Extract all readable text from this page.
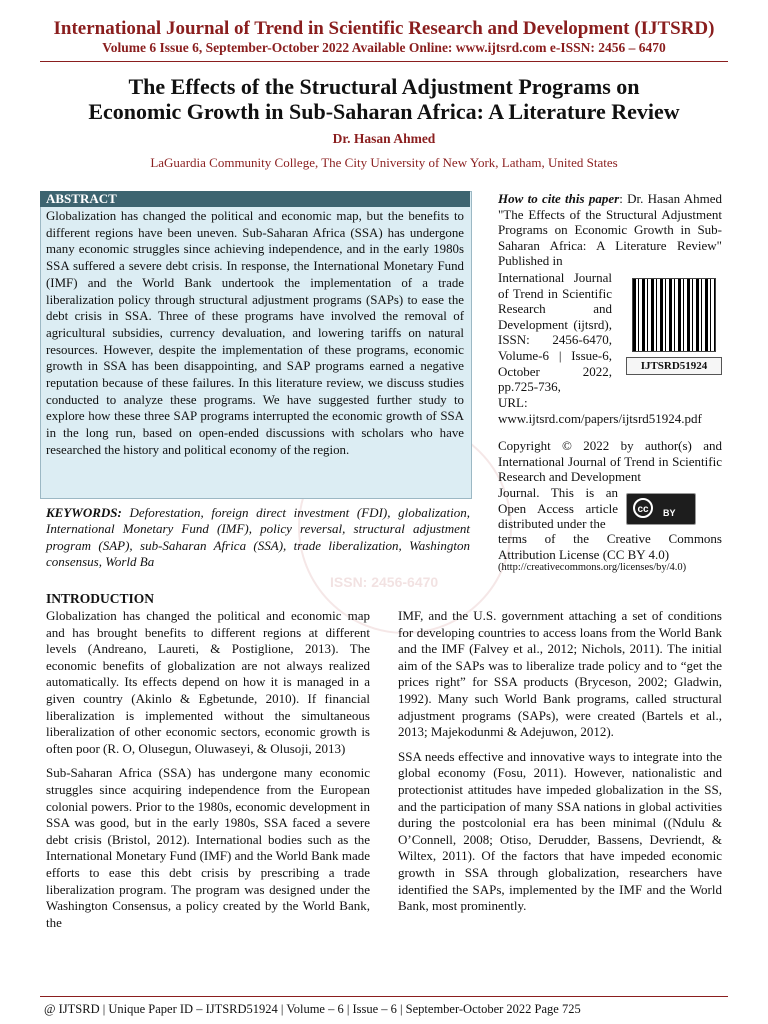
International Journal of Trend in Scientific Research and Development (IJTSRD)
Volume 6 Issue 6, September-October 2022 Available Online: www.ijtsrd.com e-ISSN: 2456 – 6470
The Effects of the Structural Adjustment Programs on
Economic Growth in Sub-Saharan Africa: A Literature Review
Dr. Hasan Ahmed
LaGuardia Community College, The City University of New York, Latham, United States
ISSN: 2456-6470
ABSTRACT
Globalization has changed the political and economic map, but the benefits to different regions have been uneven. Sub-Saharan Africa (SSA) has undergone many economic struggles since achieving independence, and in the early 1980s SSA suffered a severe debt crisis. In response, the International Monetary Fund (IMF) and the World Bank undertook the implementation of a trade liberalization policy through structural adjustment programs (SAPs) to ease the debt crisis in SSA. Three of these programs have involved the removal of agricultural subsidies, currency devaluation, and lowering tariffs on natural resources. However, despite the implementation of these programs, economic growth in SSA has been disappointing, and SAP programs earned a negative reputation because of these failures. In this literature review, we discuss studies conducted to analyze these programs. We have suggested further study to explore how these three SAP programs interrupted the economic growth of SSA in the long run, based on open-ended discussions with scholars who have researched the history and political economy of the region.
KEYWORDS: Deforestation, foreign direct investment (FDI), globalization, International Monetary Fund (IMF), policy reversal, structural adjustment program (SAP), sub-Saharan Africa (SSA), trade liberalization, Washington consensus, World Ba
How to cite this paper: Dr. Hasan Ahmed "The Effects of the Structural Adjustment Programs on Economic Growth in Sub-Saharan Africa: A Literature Review" Published in
International Journal of Trend in Scientific Research and Development (ijtsrd), ISSN: 2456-6470, Volume-6 | Issue-6, October 2022, pp.725-736,
IJTSRD51924
URL: www.ijtsrd.com/papers/ijtsrd51924.pdf
Copyright © 2022 by author(s) and International Journal of Trend in Scientific Research and Development
Journal. This is an Open Access article distributed under the
cc	BY
terms of the Creative Commons Attribution License (CC BY 4.0)
(http://creativecommons.org/licenses/by/4.0)
INTRODUCTION

Globalization has changed the political and economic map and has brought benefits to different regions at different levels (Andreano, Laureti, & Postiglione, 2013). The economic benefits of globalization are not always realized automatically. Its effects depend on how it is managed in a given country (Akinlo & Egbetunde, 2010). If financial liberalization is implemented without the simultaneous liberalization of other economic sectors, economic growth is often poor (R. O, Olusegun, Oluwaseyi, & Olusoji, 2013)

Sub-Saharan Africa (SSA) has undergone many economic struggles since acquiring independence from the European colonial powers. Prior to the 1980s, economic development in SSA was good, but in the early 1980s, SSA faced a severe debt crisis (Bristol, 2012). International bodies such as the International Monetary Fund (IMF) and the World Bank made efforts to ease this debt crisis by prescribing a trade liberalization program. The program was designed under the Washington Consensus, a policy created by the World Bank, the

IMF, and the U.S. government attaching a set of conditions for developing countries to access loans from the World Bank and the IMF (Falvey et al., 2012; Nichols, 2011). The initial aim of the SAPs was to liberalize trade policy and to “get the prices right” for SSA products (Bryceson, 2002; Gladwin, 1992). Many such World Bank programs, called structural adjustment programs (SAPs), were created (Bartels et al., 2013; Majekodunmi & Adejuwon, 2012).

SSA needs effective and innovative ways to integrate into the global economy (Fosu, 2011). However, nationalistic and protectionist attitudes have impeded globalization in the SS, and the participation of many SSA nations in global activities during the postcolonial era has been minimal ((Ndulu & O’Connell, 2008; Otiso, Derudder, Bassens, Devriendt, & Wiltex, 2011). Of the factors that have impeded economic growth in SSA through globalization, researchers have identified the SAPs, implemented by the IMF and the World Bank, most prominently.

@ IJTSRD | Unique Paper ID – IJTSRD51924 | Volume – 6 | Issue – 6 | September-October 2022 Page 725
